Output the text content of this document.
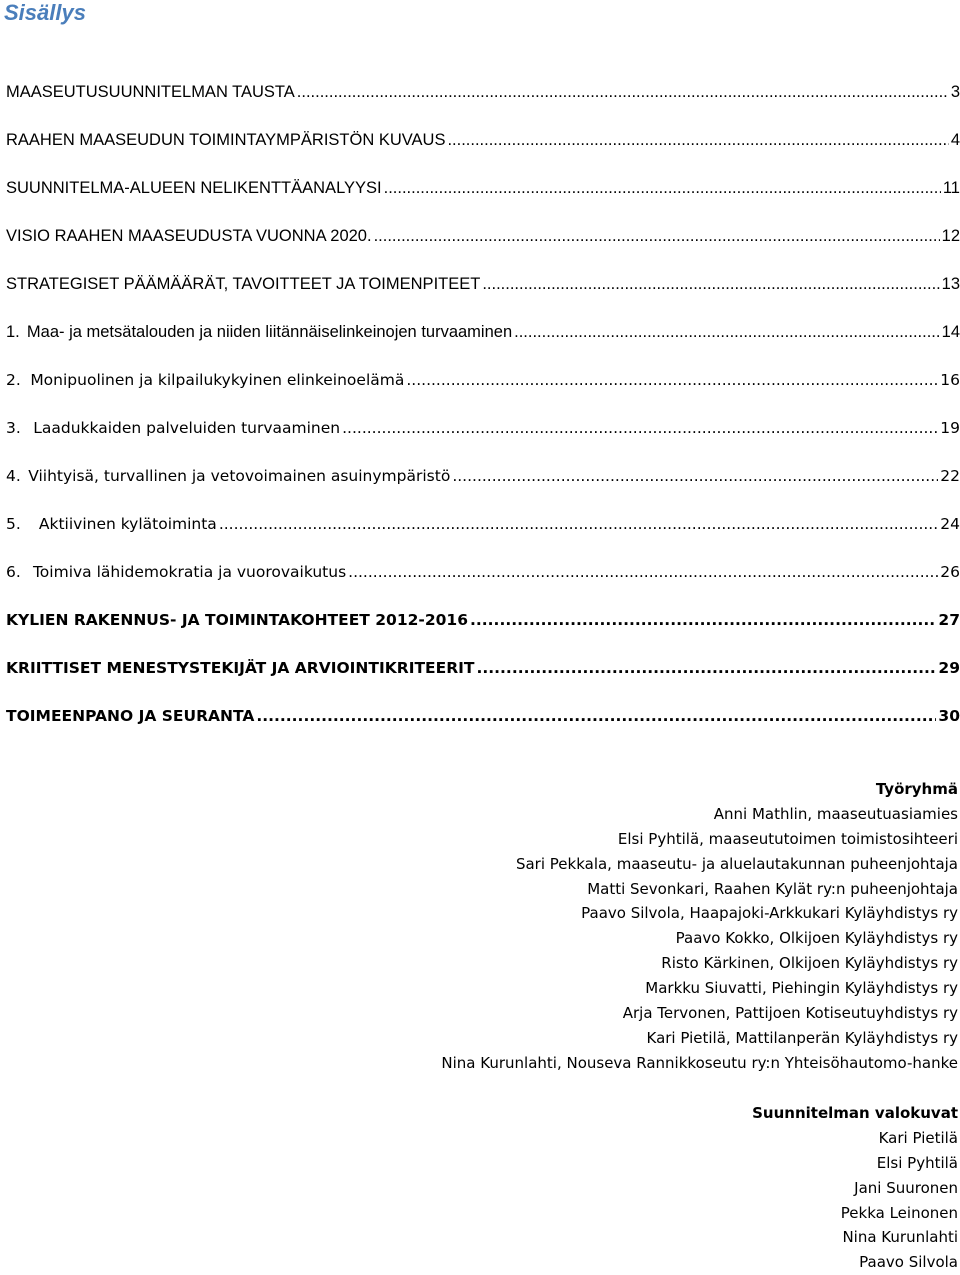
Sisällys
MAASEUTUSUUNNITELMAN TAUSTA .....	3
RAAHEN MAASEUDUN TOIMINTAYMPÄRISTÖN KUVAUS .....	4
SUUNNITELMA-ALUEEN NELIKENTTÄANALYYSI .....	11
VISIO RAAHEN MAASEUDUSTA VUONNA 2020. .....	12
STRATEGISET PÄÄMÄÄRÄT, TAVOITTEET JA TOIMENPITEET .....	13
1. Maa- ja metsätalouden ja niiden liitännäiselinkeinojen turvaaminen .....	14
2. Monipuolinen ja kilpailukykyinen elinkeinoelämä .....	16
3. Laadukkaiden palveluiden turvaaminen .....	19
4. Viihtyisä, turvallinen ja vetovoimainen asuinympäristö .....	22
5.	Aktiivinen kylätoiminta .....	24
6. Toimiva lähidemokratia ja vuorovaikutus .....	26
KYLIEN RAKENNUS- JA TOIMINTAKOHTEET 2012-2016 .....	27
KRIITTISET MENESTYSTEKIJÄT JA ARVIOINTIKRITEERIT .....	29
TOIMEENPANO JA SEURANTA .....	30
Työryhmä
Anni Mathlin, maaseutuasiamies
Elsi Pyhtilä, maaseututoimen toimistosihteeri
Sari Pekkala, maaseutu- ja aluelautakunnan puheenjohtaja
Matti Sevonkari, Raahen Kylät ry:n puheenjohtaja
Paavo Silvola, Haapajoki-Arkkukari Kyläyhdistys ry
Paavo Kokko, Olkijoen Kyläyhdistys ry
Risto Kärkinen, Olkijoen Kyläyhdistys ry
Markku Siuvatti, Piehingin Kyläyhdistys ry
Arja Tervonen, Pattijoen Kotiseutuyhdistys ry
Kari Pietilä, Mattilanperän Kyläyhdistys ry
Nina Kurunlahti, Nouseva Rannikkoseutu ry:n Yhteisöhautomo-hanke
Suunnitelman valokuvat
Kari Pietilä
Elsi Pyhtilä
Jani Suuronen
Pekka Leinonen
Nina Kurunlahti
Paavo Silvola
